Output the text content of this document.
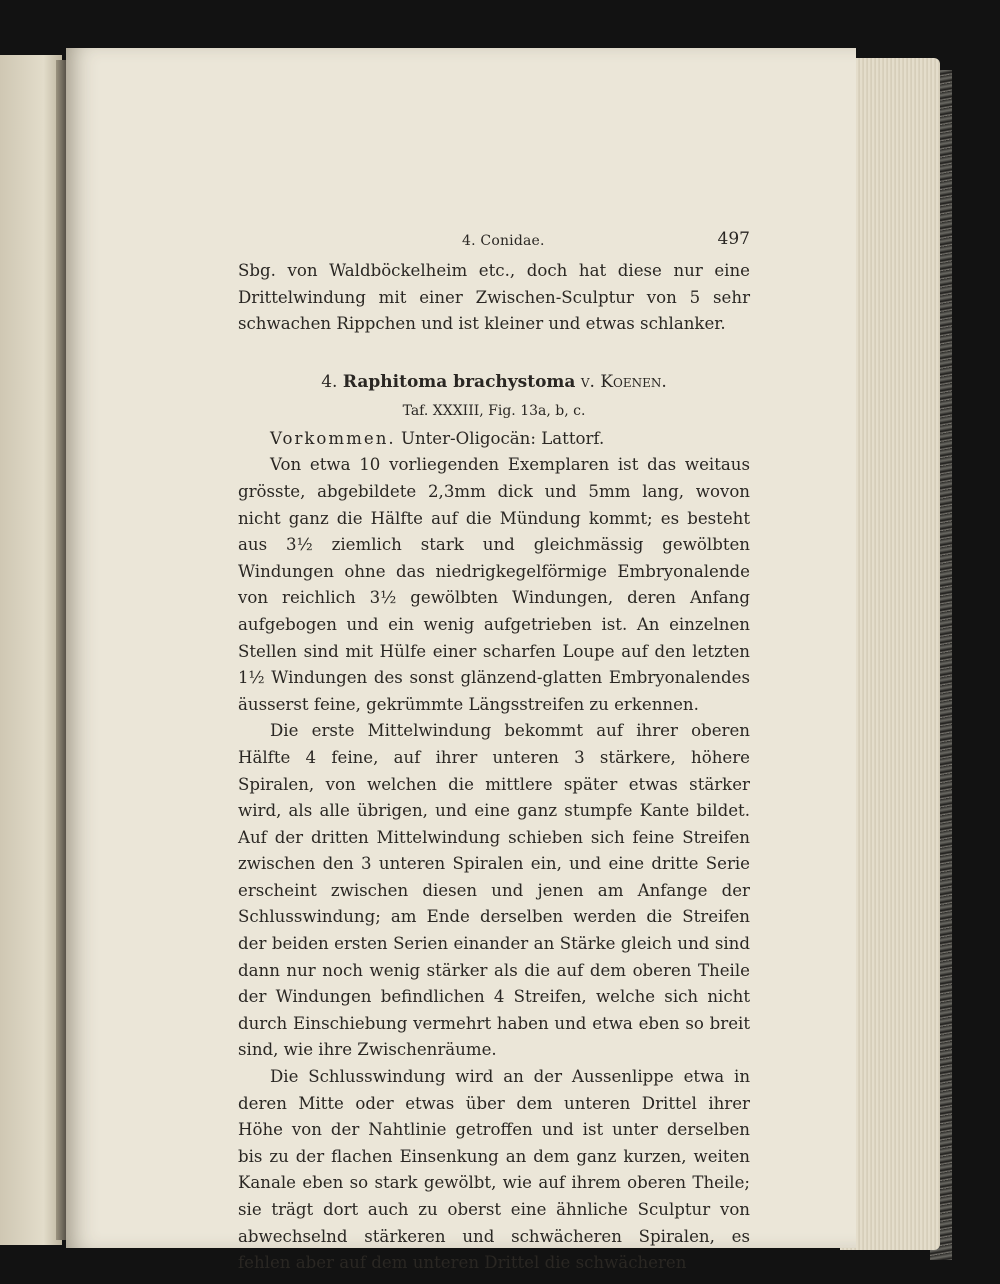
4. Conidae.	497

Sbg. von Waldböckelheim etc., doch hat diese nur eine Drittelwindung mit einer Zwischen-Sculptur von 5 sehr schwachen Rippchen und ist kleiner und etwas schlanker.

4. Raphitoma brachystoma v. Koenen.
Taf. XXXIII, Fig. 13a, b, c.
Vorkommen. Unter-Oligocän: Lattorf.

Von etwa 10 vorliegenden Exemplaren ist das weitaus grösste, abgebildete 2,3mm dick und 5mm lang, wovon nicht ganz die Hälfte auf die Mündung kommt; es besteht aus 3½ ziemlich stark und gleichmässig gewölbten Windungen ohne das niedrigkegelförmige Embryonalende von reichlich 3½ gewölbten Windungen, deren Anfang aufgebogen und ein wenig aufgetrieben ist. An einzelnen Stellen sind mit Hülfe einer scharfen Loupe auf den letzten 1½ Windungen des sonst glänzend-glatten Embryonalendes äusserst feine, gekrümmte Längsstreifen zu erkennen.

Die erste Mittelwindung bekommt auf ihrer oberen Hälfte 4 feine, auf ihrer unteren 3 stärkere, höhere Spiralen, von welchen die mittlere später etwas stärker wird, als alle übrigen, und eine ganz stumpfe Kante bildet. Auf der dritten Mittelwindung schieben sich feine Streifen zwischen den 3 unteren Spiralen ein, und eine dritte Serie erscheint zwischen diesen und jenen am Anfange der Schlusswindung; am Ende derselben werden die Streifen der beiden ersten Serien einander an Stärke gleich und sind dann nur noch wenig stärker als die auf dem oberen Theile der Windungen befindlichen 4 Streifen, welche sich nicht durch Einschiebung vermehrt haben und etwa eben so breit sind, wie ihre Zwischenräume.

Die Schlusswindung wird an der Aussenlippe etwa in deren Mitte oder etwas über dem unteren Drittel ihrer Höhe von der Nahtlinie getroffen und ist unter derselben bis zu der flachen Einsenkung an dem ganz kurzen, weiten Kanale eben so stark gewölbt, wie auf ihrem oberen Theile; sie trägt dort auch zu oberst eine ähnliche Sculptur von abwechselnd stärkeren und schwächeren Spiralen, es fehlen aber auf dem unteren Drittel die schwächeren
